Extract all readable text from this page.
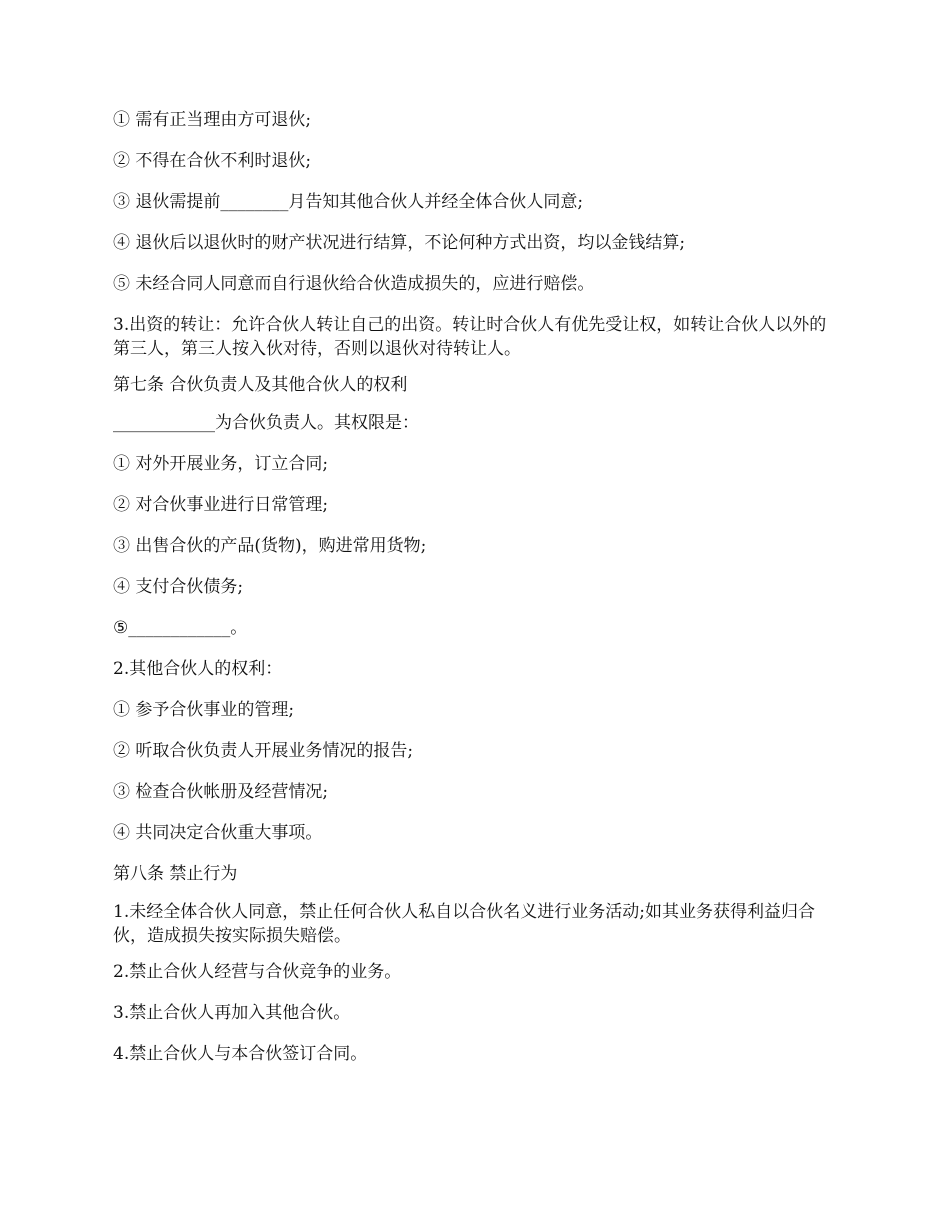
① 需有正当理由方可退伙;

② 不得在合伙不利时退伙;

③ 退伙需提前________月告知其他合伙人并经全体合伙人同意;

④ 退伙后以退伙时的财产状况进行结算，不论何种方式出资，均以金钱结算;

⑤ 未经合同人同意而自行退伙给合伙造成损失的，应进行赔偿。

3.出资的转让：允许合伙人转让自己的出资。转让时合伙人有优先受让权，如转让合伙人以外的第三人，第三人按入伙对待，否则以退伙对待转让人。

第七条 合伙负责人及其他合伙人的权利

____________为合伙负责人。其权限是：

① 对外开展业务，订立合同;

② 对合伙事业进行日常管理;

③ 出售合伙的产品(货物)，购进常用货物;

④ 支付合伙债务;

⑤____________。

2.其他合伙人的权利：

① 参予合伙事业的管理;

② 听取合伙负责人开展业务情况的报告;

③ 检查合伙帐册及经营情况;

④ 共同决定合伙重大事项。

第八条 禁止行为

1.未经全体合伙人同意，禁止任何合伙人私自以合伙名义进行业务活动;如其业务获得利益归合伙，造成损失按实际损失赔偿。

2.禁止合伙人经营与合伙竞争的业务。

3.禁止合伙人再加入其他合伙。

4.禁止合伙人与本合伙签订合同。
